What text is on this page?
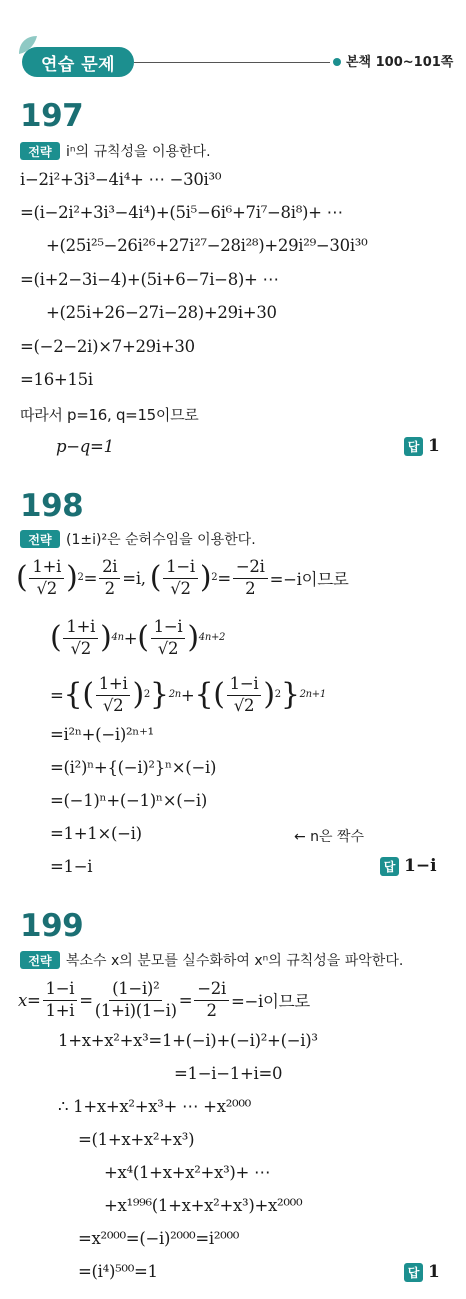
연습 문제	본책 100~101쪽
197
전략	iⁿ의 규칙성을 이용한다.
i−2i²+3i³−4i⁴+ ⋯ −30i³⁰
=(i−2i²+3i³−4i⁴)+(5i⁵−6i⁶+7i⁷−8i⁸)+ ⋯
+(25i²⁵−26i²⁶+27i²⁷−28i²⁸)+29i²⁹−30i³⁰
=(i+2−3i−4)+(5i+6−7i−8)+ ⋯
+(25i+26−27i−28)+29i+30
=(−2−2i)×7+29i+30
=16+15i
따라서 p=16, q=15이므로
p−q=1	답 1
198
전략	(1±i)²은 순허수임을 이용한다.
( $\frac{1+i}{√2}$ ) $2 = \frac{2i}{2} =i$, ( $\frac{1-i}{√2}$ ) $2 = \frac{-2i}{2} =-i$이므로
( $\frac{1+i}{√2}$ ) 4n + ( $\frac{1-i}{√2}$ ) 4n+2
= { ( $\frac{1+i}{√2}$ ) 2 } 2n + { ( $\frac{1-i}{√2}$ ) 2 } 2n+1
=i²ⁿ+(−i)²ⁿ⁺¹
=(i²)ⁿ+{(−i)²}ⁿ×(−i)
=(−1)ⁿ+(−1)ⁿ×(−i)
=1+1×(−i)	← n은 짝수
=1−i	답 1−i
199
전략	복소수 x의 분모를 실수화하여 xⁿ의 규칙성을 파악한다.
$x= \frac{1-i}{1+i} = \frac{\text{(1−i)²}}{(1+i)(1-i)} = \frac{-2i}{2} =-i$이므로
1+x+x²+x³=1+(−i)+(−i)²+(−i)³
=1−i−1+i=0
∴ 1+x+x²+x³+ ⋯ +x²⁰⁰⁰
=(1+x+x²+x³)
+x⁴(1+x+x²+x³)+ ⋯
+x¹⁹⁹⁶(1+x+x²+x³)+x²⁰⁰⁰
=x²⁰⁰⁰=(−i)²⁰⁰⁰=i²⁰⁰⁰
=(i⁴)⁵⁰⁰=1	답 1
